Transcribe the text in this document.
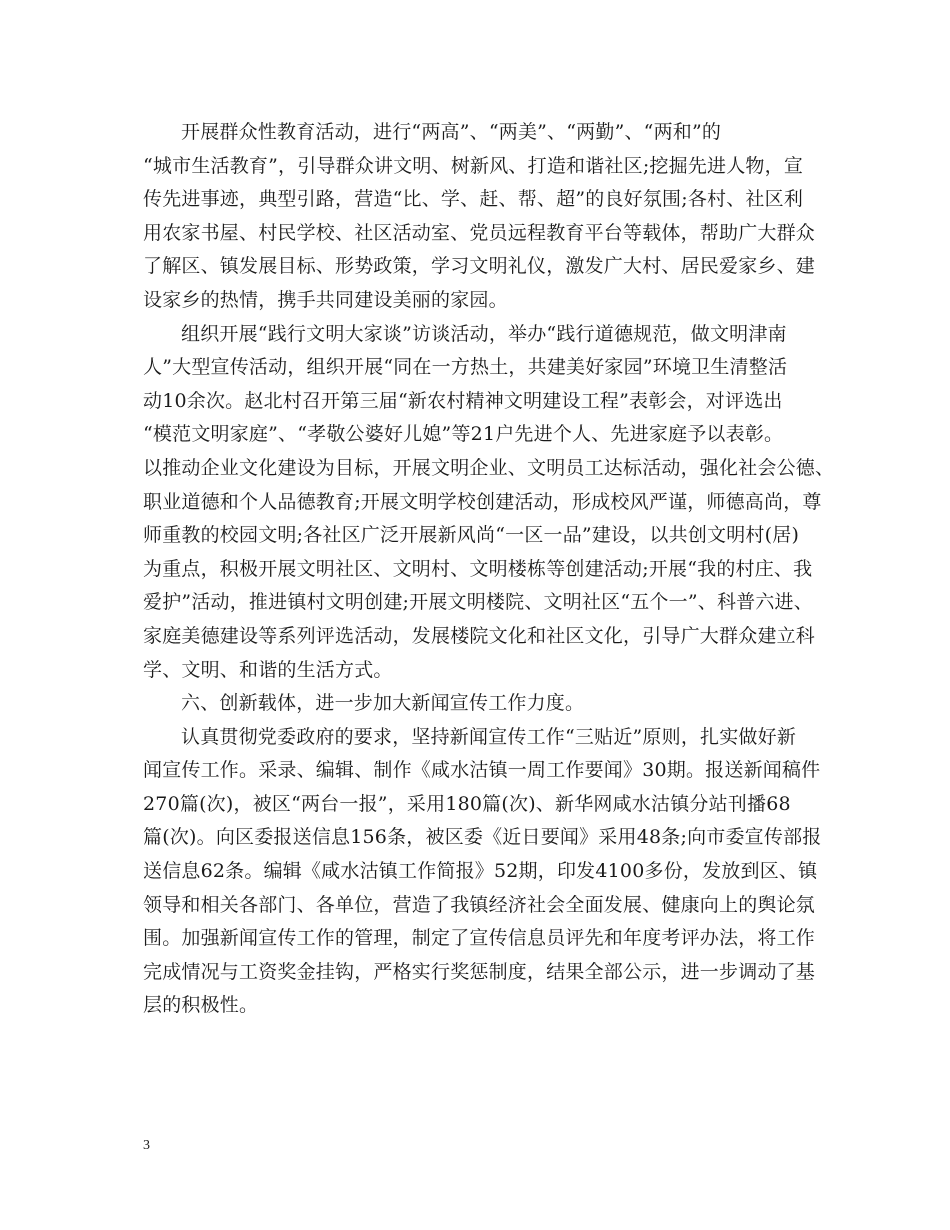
开展群众性教育活动，进行“两高”、“两美”、“两勤”、“两和”的
“城市生活教育”，引导群众讲文明、树新风、打造和谐社区;挖掘先进人物，宣
传先进事迹，典型引路，营造“比、学、赶、帮、超”的良好氛围;各村、社区利
用农家书屋、村民学校、社区活动室、党员远程教育平台等载体，帮助广大群众
了解区、镇发展目标、形势政策，学习文明礼仪，激发广大村、居民爱家乡、建
设家乡的热情，携手共同建设美丽的家园。
组织开展“践行文明大家谈”访谈活动，举办“践行道德规范，做文明津南
人”大型宣传活动，组织开展“同在一方热土，共建美好家园”环境卫生清整活
动10余次。赵北村召开第三届“新农村精神文明建设工程”表彰会，对评选出
“模范文明家庭”、“孝敬公婆好儿媳”等21户先进个人、先进家庭予以表彰。
以推动企业文化建设为目标，开展文明企业、文明员工达标活动，强化社会公德、
职业道德和个人品德教育;开展文明学校创建活动，形成校风严谨，师德高尚，尊
师重教的校园文明;各社区广泛开展新风尚“一区一品”建设，以共创文明村(居)
为重点，积极开展文明社区、文明村、文明楼栋等创建活动;开展“我的村庄、我
爱护”活动，推进镇村文明创建;开展文明楼院、文明社区“五个一”、科普六进、
家庭美德建设等系列评选活动，发展楼院文化和社区文化，引导广大群众建立科
学、文明、和谐的生活方式。
六、创新载体，进一步加大新闻宣传工作力度。
认真贯彻党委政府的要求，坚持新闻宣传工作“三贴近”原则，扎实做好新
闻宣传工作。采录、编辑、制作《咸水沽镇一周工作要闻》30期。报送新闻稿件
270篇(次)，被区“两台一报”，采用180篇(次)、新华网咸水沽镇分站刊播68
篇(次)。向区委报送信息156条，被区委《近日要闻》采用48条;向市委宣传部报
送信息62条。编辑《咸水沽镇工作简报》52期，印发4100多份，发放到区、镇
领导和相关各部门、各单位，营造了我镇经济社会全面发展、健康向上的舆论氛
围。加强新闻宣传工作的管理，制定了宣传信息员评先和年度考评办法，将工作
完成情况与工资奖金挂钩，严格实行奖惩制度，结果全部公示，进一步调动了基
层的积极性。
3
